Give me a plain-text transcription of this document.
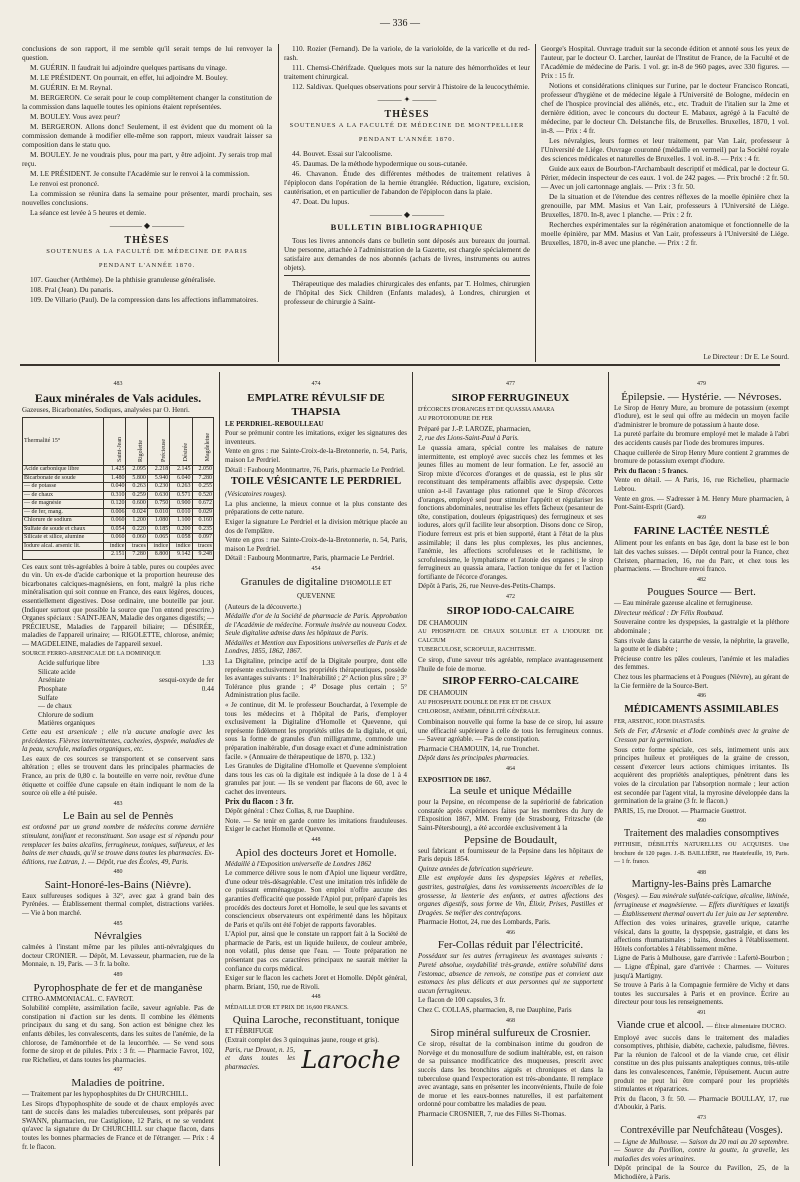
— 336 —

conclusions de son rapport, il me semble qu'il serait temps de lui renvoyer la question.

M. GUÉRIN. Il faudrait lui adjoindre quelques partisans du vinage.

M. LE PRÉSIDENT. On pourrait, en effet, lui adjoindre M. Bouley.

M. GUÉRIN. Et M. Reynal.

M. BERGERON. Ce serait pour le coup complètement changer la constitution de la commission dans laquelle toutes les opinions étaient représentées.

M. BOULEY. Vous avez peur?

M. BERGERON. Allons donc! Seulement, il est évident que du moment où la commission demande à modifier elle-même son rapport, mieux vaudrait laisser sa composition dans le statu quo.

M. BOULEY. Je ne voudrais plus, pour ma part, y être adjoint. J'y serais trop mal reçu.

M. LE PRÉSIDENT. Je consulte l'Académie sur le renvoi à la commission.

Le renvoi est prononcé.

La commission se réunira dans la semaine pour présenter, mardi prochain, ses nouvelles conclusions.

La séance est levée à 5 heures et demie.

———— ◆ ————
THÈSES
SOUTENUES A LA FACULTÉ DE MÉDECINE DE PARIS
PENDANT L'ANNÉE 1870.

107. Gaucher (Arthème). De la phthisie granuleuse généralisée.

108. Pral (Jean). Du panaris.

109. De Villario (Paul). De la compression dans les affections inflammatoires.

110. Rozier (Fernand). De la variole, de la varioloïde, de la varicelle et du red-rash.

111. Chemsi-Chérifzade. Quelques mots sur la nature des hémorrhoïdes et leur traitement chirurgical.

112. Saldivax. Quelques observations pour servir à l'histoire de la leucocythémie.

——— ✦ ———
THÈSES
SOUTENUES A LA FACULTÉ DE MÉDECINE DE MONTPELLIER
PENDANT L'ANNÉE 1870.

44. Bouvet. Essai sur l'alcoolisme.

45. Daumas. De la méthode hypodermique ou sous-cutanée.

46. Chavanon. Étude des différentes méthodes de traitement relatives à l'épiplocon dans l'opération de la hernie étranglée. Réduction, ligature, excision, cautérisation, et en particulier de l'abandon de l'épiplocon dans la plaie.

47. Doat. Du lupus.

———— ◆ ————
BULLETIN BIBLIOGRAPHIQUE

Tous les livres annoncés dans ce bulletin sont déposés aux bureaux du journal. Une personne, attachée à l'administration de la Gazette, est chargée spécialement de satisfaire aux demandes de nos abonnés (achats de livres, instruments ou autres objets).

Thérapeutique des maladies chirurgicales des enfants, par T. Holmes, chirurgien de l'hôpital des Sick Children (Enfants malades), à Londres, chirurgien et professeur de chirurgie à Saint-

George's Hospital. Ouvrage traduit sur la seconde édition et annoté sous les yeux de l'auteur, par le docteur O. Larcher, lauréat de l'Institut de France, de la Faculté et de l'Académie de médecine de Paris. 1 vol. gr. in-8 de 960 pages, avec 330 figures. — Prix : 15 fr.

Notions et considérations cliniques sur l'urine, par le docteur Francisco Roncati, professeur d'hygiène et de médecine légale à l'Université de Bologne, médecin en chef de l'hospice provincial des aliénés, etc., etc. Traduit de l'italien sur la 2me et dernière édition, avec le concours du docteur E. Mabaux, agrégé à la Faculté de médecine, par le docteur Ch. Delstanche fils, de Bruxelles. Bruxelles, 1870, 1 vol. in-8. — Prix : 4 fr.

Les névralgies, leurs formes et leur traitement, par Van Lair, professeur à l'Université de Liége. Ouvrage couronné (médaille en vermeil) par la Société royale des sciences médicales et naturelles de Bruxelles. 1 vol. in-8. — Prix : 4 fr.

Guide aux eaux de Bourbon-l'Archambault descriptif et médical, par le docteur G. Périer, médecin inspecteur de ces eaux. 1 vol. de 242 pages. — Prix broché : 2 fr. 50. — Avec un joli cartonnage anglais. — Prix : 3 fr. 50.

De la situation et de l'étendue des centres réflexes de la moelle épinière chez la grenouille, par MM. Masius et Van Lair, professeurs à l'Université de Liége. Bruxelles, 1870. In-8, avec 1 planche. — Prix : 2 fr.

Recherches expérimentales sur la régénération anatomique et fonctionnelle de la moelle épinière, par MM. Masius et Van Lair, professeurs à l'Université de Liége. Bruxelles, 1870, in-8 avec une planche. — Prix : 2 fr.

Le Directeur : Dr E. Le Sourd.
483
Eaux minérales de Vals acidules.

Gazeuses, Bicarbonatées, Sodiques, analysées par O. Henri.

Thermalité 15°	Saint-Jean	Rigolette	Précieuse	Désirée	Magdeleine
Acide carbonique libre	1.425	2.095	2.218	2.145	2.050
Bicarbonate de soude	1.480	5.800	5.940	6.040	7.280
— de potasse	0.040	0.263	0.230	0.263	0.255
— de chaux	0.310	0.259	0.630	0.571	0.520
— de magnésie	0.120	0.600	0.750	0.900	0.672
— de fer, mang.	0.006	0.024	0.010	0.010	0.029
Chlorure de sodium	0.060	1.200	1.080	1.100	0.160
Sulfate de soude et chaux	0.054	0.220	0.185	0.200	0.235
Silicate et silice, alumine	0.060	0.060	0.065	0.058	0.097
Iodure alcal. arsenic lit.	indice	traces	indice	indice	traces
	2.151	7.280	8.800	9.142	9.248

Ces eaux sont très-agréables à boire à table, pures ou coupées avec du vin. Un ex-de d'acide carbonique et la proportion heureuse des bicarbonates calciques-magnésiens, en font, malgré la plus riche minéralisation qui soit connue en France, des eaux légères, douces, essentiellement digestives. Dose ordinaire, une bouteille par jour. (Indiquer surtout que possible la source que l'on entend prescrire.) Organes spéciaux : SAINT-JEAN, Maladie des organes digestifs; — PRÉCIEUSE, Maladies de l'appareil biliaire; — DÉSIRÉE, maladies de l'appareil urinaire; — RIGOLETTE, chlorose, anémie; — MAGDELEINE, maladies de l'appareil sexuel.

SOURCE FERRO-ARSENICALE DE LA DOMINIQUE

Acide sulfurique libre	1.33
Silicate acide
Arséniate	sesqui-oxyde de fer
Phosphate	0.44
Sulfate
— de chaux
Chlorure de sodium
Matières organiques

Cette eau est arsenicale ; elle n'a aucune analogie avec les précédentes. Fièvres intermittentes, cachexies, dyspnée, maladies de la peau, scrofule, maladies organiques, etc.

Les eaux de ces sources se transportent et se conservent sans altération ; elles se trouvent dans les principales pharmacies de France, au prix de 0,80 c. la bouteille en verre noir, revêtue d'une étiquette et coiffée d'une capsule en étain indiquant le nom de la source où elle a été puisée.

483
Le Bain au sel de Pennès

est ordonné par un grand nombre de médecins comme dernière stimulant, tonifiant et reconstituant. Son usage est si répandu pour remplacer les bains alcalins, ferrugineux, toniques, sulfureux, et les bains de mer chauds, qu'il se trouve dans toutes les pharmacies. Ex-éditions, rue Latran, 1. — Dépôt, rue des Écoles, 49, Paris.

480
Saint-Honoré-les-Bains (Nièvre).

Eaux sulfureuses sodiques à 32°, avec gaz à grand bain des Pyrénées. — Établissement thermal complet, distractions variées. — Vie à bon marché.

485
Névralgies

calmées à l'instant même par les pilules anti-névralgiques du docteur CRONIER. — Dépôt, M. Levasseur, pharmacien, rue de la Monnaie, n. 19, Paris. — 3 fr. la boîte.

489
Pyrophosphate de fer et de manganèse

CITRO-AMMONIACAL. C. FAVROT.

Solubilité complète, assimilation facile, saveur agréable. Pas de constipation ni d'action sur les dents. Il combine les éléments principaux du sang et du sang. Son action est bénigne chez les enfants débiles, les convalescents, dans les suites de l'anémie, de la chlorose, de l'aménorrhée et de la leucorrhée. — Se vend sous forme de sirop et de pilules. Prix : 3 fr. — Pharmacie Favrot, 102, rue Richelieu, et dans toutes les pharmacies.

497
Maladies de poitrine.

— Traitement par les hypophosphites du Dr CHURCHILL.

Les Sirops d'hypophosphite de soude et de chaux employés avec tant de succès dans les maladies tuberculeuses, sont préparés par SWANN, pharmacien, rue Castiglione, 12 Paris, et ne se vendent qu'avec la signature du Dr CHURCHILL sur chaque flacon, dans toutes les bonnes pharmacies de France et de l'étranger. — Prix : 4 fr. le flacon.

474
EMPLATRE RÉVULSIF DE THAPSIA

LE PERDRIEL-REBOULLEAU

Pour se prémunir contre les imitations, exiger les signatures des inventeurs.

Vente en gros : rue Sainte-Croix-de-la-Bretonnerie, n. 54, Paris, maison Le Perdriel.

Détail : Faubourg Montmartre, 76, Paris, pharmacie Le Perdriel.

TOILE VÉSICANTE LE PERDRIEL

(Vésicatoires rouges).

La plus ancienne, la mieux connue et la plus constante des préparations de cette nature.

Exiger la signature Le Perdriel et la division métrique placée au dos de l'emplâtre.

Vente en gros : rue Sainte-Croix-de-la-Bretonnerie, n. 54, Paris, maison Le Perdriel.

Détail : Faubourg Montmartre, Paris, pharmacie Le Perdriel.

454
Granules de digitaline D'HOMOLLE ET QUEVENNE

(Auteurs de la découverte.)

Médaille d'or de la Société de pharmacie de Paris. Approbation de l'Académie de médecine. Formule insérée au nouveau Codex. Seule digitaline admise dans les hôpitaux de Paris.

Médailles et Mention aux Expositions universelles de Paris et de Londres, 1855, 1862, 1867.

La Digitaline, principe actif de la Digitale pourpre, dont elle représente exclusivement les propriétés thérapeutiques, possède les avantages suivants : 1° Inaltérabilité ; 2° Action plus sûre ; 3° Tolérance plus grande ; 4° Dosage plus certain ; 5° Administration plus facile.

« Je continue, dit M. le professeur Bouchardat, à l'exemple de tous les médecins et à l'hôpital de Paris, d'employer exclusivement la Digitaline d'Homolle et Quevenne, qui représente fidèlement les propriétés utiles de la digitale, et qui, sous la forme de granules d'un milligramme, commode une préparation inaltérable, d'un dosage exact et d'une administration facile. » (Annuaire de thérapeutique de 1870, p. 132.)

Les Granules de Digitaline d'Homolle et Quevenne s'emploient dans tous les cas où la digitale est indiquée à la dose de 1 à 4 granules par jour. — Ils se vendent par flacons de 60, avec le cachet des inventeurs.

Prix du flacon : 3 fr.

Dépôt général : Chez Collas, 8, rue Dauphine.

Note. — Se tenir en garde contre les imitations frauduleuses. Exiger le cachet Homolle et Quevenne.

448
Apiol des docteurs Joret et Homolle.

Médaillé à l'Exposition universelle de Londres 1862

Le commerce délivre sous le nom d'Apiol une liqueur verdâtre, d'une odeur très-désagréable. C'est une imitation très infidèle de ce puissant emménagogue. Son emploi n'offre aucune des garanties d'efficacité que possède l'Apiol pur, préparé d'après les procédés des docteurs Joret et Homolle, le seul que les savants et consciencieux observateurs ont expérimenté dans les hôpitaux de Paris et qu'ils ont été l'objet de rapports favorables.

L'Apiol pur, ainsi que le constate un rapport fait à la Société de pharmacie de Paris, est un liquide huileux, de couleur ambrée, non volatil, plus dense que l'eau. — Toute préparation ne présentant pas ces caractères principaux ne saurait mériter la confiance du corps médical.

Exiger sur le flacon les cachets Joret et Homolle. Dépôt général, pharm. Briant, 150, rue de Rivoli.

448

MÉDAILLE D'OR ET PRIX DE 16,600 FRANCS.

Quina Laroche, reconstituant, tonique

ET FÉBRIFUGE

(Extrait complet des 3 quinquinas jaune, rouge et gris).

Paris, rue Drouot, n. 15, et dans toutes les pharmacies.	Laroche
477
SIROP FERRUGINEUX

D'ÉCORCES D'ORANGES ET DE QUASSIA AMARA

AU PROTOIODURE DE FER

Préparé par J.-P. LAROZE, pharmacien,

2, rue des Lions-Saint-Paul à Paris.

Le quassia amara, spécial contre les malaises de nature intermittente, est employé avec succès chez les femmes et les jeunes filles au moment de leur formation. Le fer, associé au Sirop mixte d'écorces d'oranges et de quassia, est le plus sûr reconstituant des tempéraments affaiblis avec dyspepsie. Cette union a-t-il l'avantage plus rationnel que le Sirop d'écorces d'oranges, employé seul pour stimuler l'appétit et régulariser les fonctions abdominales, neutralise les effets fâcheux (pesanteur de tête, constipation, douleurs épigastriques) des ferrugineux et ses iodures, alors qu'il facilite leur absorption. Disons donc ce Sirop, l'iodure ferreux est pris et bien supporté, étant à l'état de la plus assimilable; il dans les plus complexes, les plus anciennes, l'anémie, les affections scrofuleuses et le rachitisme, le scrofuleusisme, le lymphatisme et l'atonie des organes ; le sirop ferrugineux au quassia amara, l'action tonique du fer et l'action fortifiante de l'écorce d'oranges.

Dépôt à Paris, 26, rue Neuve-des-Petits-Champs.

472
SIROP IODO-CALCAIRE

DE CHAMOUIN

AU PHOSPHATE DE CHAUX SOLUBLE ET A L'IODURE DE CALCIUM

TUBERCULOSE, SCROFULE, RACHITISME.

Ce sirop, d'une saveur très agréable, remplace avantageusement l'huile de foie de morue.

SIROP FERRO-CALCAIRE

DE CHAMOUIN

AU PHOSPHATE DOUBLE DE FER ET DE CHAUX

CHLOROSE, ANÉMIE, DÉBILITÉ GÉNÉRALE.

Combinaison nouvelle qui forme la base de ce sirop, lui assure une efficacité supérieure à celle de tous les ferrugineux connus. — Saveur agréable. — Pas de constipation.

Pharmacie CHAMOUIN, 14, rue Tronchet.

Dépôt dans les principales pharmacies.

464

EXPOSITION DE 1867.

La seule et unique Médaille

pour la Pepsine, en récompense de la supériorité de fabrication constatée après expériences faites par les membres du Jury de l'Exposition 1867, MM. Fremy (de Strasbourg, Fritzsche (de Saint-Pétersbourg), a été accordée exclusivement à la

Pepsine de Boudault,

seul fabricant et fournisseur de la Pepsine dans les hôpitaux de Paris depuis 1854.

Quinze années de fabrication supérieure.

Elle est employée dans les dyspepsies légères et rebelles, gastrites, gastralgies, dans les vomissements incoercibles de la grossesse, la lienterie des enfants, et autres affections des organes digestifs, sous forme de Vin, Élixir, Prises, Pastilles et Dragées. Se méfier des contrefaçons.

Pharmacie Hottot, 24, rue des Lombards, Paris.

466
Fer-Collas réduit par l'électricité.

Possédant sur les autres ferrugineux les avantages suivants : Pureté absolue, oxydabilité très-grande, entière solubilité dans l'estomac, absence de renvois, ne constipe pas et convient aux estomacs les plus délicats et aux personnes qui ne supportent aucun ferrugineux.

Le flacon de 100 capsules, 3 fr.

Chez C. COLLAS, pharmacien, 8, rue Dauphine, Paris

468
Sirop minéral sulfureux de Crosnier.

Ce sirop, résultat de la combinaison intime du goudron de Norvège et du monosulfure de sodium inaltérable, est, en raison de sa puissance modificatrice des muqueuses, prescrit avec succès dans les bronchites aiguës et chroniques et dans la tuberculose quand l'expectoration est très-abondante. Il remplace avec avantage, sans en présenter les inconvénients, l'huile de foie de morue et les eaux-bonnes naturelles, il est parfaitement ordonné pour combattre les maladies de peau.

Pharmacie CROSNIER, 7, rue des Filles St-Thomas.

479
Épilepsie. — Hystérie. — Névroses.

Le Sirop de Henry Mure, au bromure de potassium (exempt d'iodure), est le seul qui offre au médecin un moyen facile d'administrer le bromure de potassium à haute dose.

La pureté parfaite du bromure employé met le malade à l'abri des accidents causés par l'iode des bromures impures.

Chaque cuillerée de Sirop Henry Mure contient 2 grammes de bromure de potassium exempt d'iodure.

Prix du flacon : 5 francs.

Vente en détail. — A Paris, 16, rue Richelieu, pharmacie Lebrou.

Vente en gros. — S'adresser à M. Henry Mure pharmacien, à Pont-Saint-Esprit (Gard).

469
FARINE LACTÉE NESTLÉ

Aliment pour les enfants en bas âge, dont la base est le bon lait des vaches suisses. — Dépôt central pour la France, chez Christen, pharmacien, 16, rue du Parc, et chez tous les pharmaciens. — Brochure envoi franco.

482
Pougues Source — Bert.

— Eau minérale gazeuse alcaline et ferrugineuse.

Directeur médical : Dr Félix Roubaud.

Souveraine contre les dyspepsies, la gastralgie et la pléthore abdominale ;

Sans rivale dans la catarrhe de vessie, la néphrite, la gravelle, la goutte et le diabète ;

Précieuse contre les pâles couleurs, l'anémie et les maladies des femmes.

Chez tous les pharmaciens et à Pougues (Nièvre), au gérant de la Cie fermière de la Source-Bert.

486
MÉDICAMENTS ASSIMILABLES

FER, ARSENIC, IODE DIASTASÉS.

Sels de Fer, d'Arsenic et d'Iode combinés avec la graine de Cresson par la germination.

Sous cette forme spéciale, ces sels, intimement unis aux principes huileux et protéiques de la graine de cresson, cessent d'exercer leurs actions chimiques irritantes. Ils acquièrent des propriétés analeptiques, pénètrent dans les voies de la circulation par l'absorption normale ; leur action est secondée par l'agent vital, la myrosine développée dans la germination de la graine (3 fr. le flacon.)

PARIS, 15, rue Drouot. — Pharmacie Guettrot.

490
Traitement des maladies consomptives

PHTHISIE, DÉBILITÉS NATURELLES OU ACQUISES. Une brochure de 120 pages. J.-B. BAILLIÈRE, rue Hautefeuille, 19, Paris. — 1 fr. franco.

488
Martigny-les-Bains près Lamarche

(Vosges). — Eau minérale sulfatée-calcique, alcaline, lithinée, ferrugineuse et magnésienne. — Effets diurétiques et laxatifs — Établissement thermal ouvert du 1er juin au 1er septembre.

Affection des voies urinaires, gravelle urique, catarrhe vésical, dans la goutte, la dyspepsie, gastralgie, et dans les affections rhumatismales ; bains, douches à l'établissement. Hôtels confortables à l'établissement même.

Ligne de Paris à Mulhouse, gare d'arrivée : Lafertè-Bourbon ; — Ligne d'Épinal, gare d'arrivée : Charmes. — Voitures jusqu'à Martigny.

Se trouve à Paris à la Compagnie fermière de Vichy et dans toutes les succursales à Paris et en province. Écrire au directeur pour tous les renseignements.

491
Viande crue et alcool. — Élixir alimentaire DUCRO.

Employé avec succès dans le traitement des maladies consomptives, phthisie, diabète, cachexie, paludisme, fièvres. Par la réunion de l'alcool et de la viande crue, cet élixir constitue un des plus puissants analeptiques connus, très-utile dans les convalescences, l'anémie, l'épuisement. Aucun autre produit ne peut lui être comparé pour les propriétés stimulantes et réparatrices.

Prix du flacon, 3 fr. 50. — Pharmacie BOULLAY, 17, rue d'Aboukir, à Paris.

473
Contrexéville par Neufchâteau (Vosges).

— Ligne de Mulhouse. — Saison du 20 mai au 20 septembre. — Source du Pavillon, contre la goutte, la gravelle, les maladies des voies urinaires.

Dépôt principal de la Source du Pavillon, 25, de la Michodière, à Paris.
